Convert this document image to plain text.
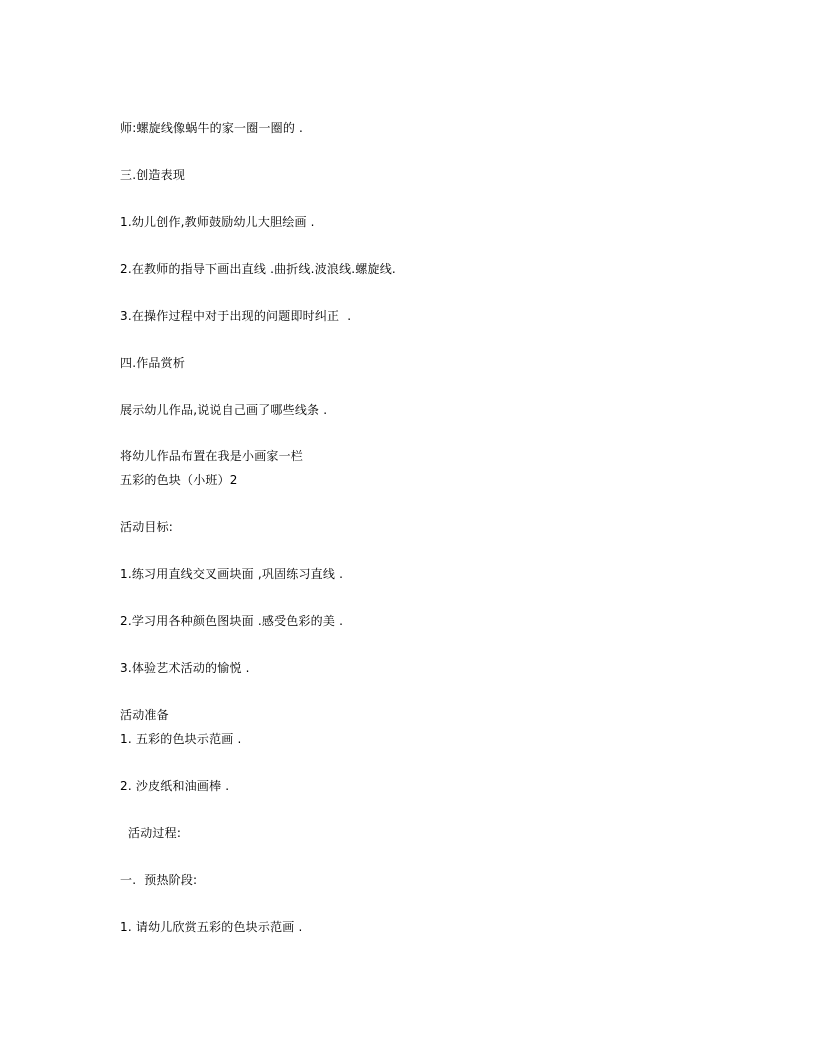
师:螺旋线像蜗牛的家一圈一圈的 .
三.创造表现
1.幼儿创作,教师鼓励幼儿大胆绘画 .
2.在教师的指导下画出直线 .曲折线.波浪线.螺旋线.
3.在操作过程中对于出现的问题即时纠正  .
四.作品赏析
展示幼儿作品,说说自己画了哪些线条 .
将幼儿作品布置在我是小画家一栏
五彩的色块（小班）2
活动目标:
1.练习用直线交叉画块面 ,巩固练习直线 .
2.学习用各种颜色图块面 .感受色彩的美 .
3.体验艺术活动的愉悦 .
活动准备
1. 五彩的色块示范画 .
2. 沙皮纸和油画棒 .
活动过程:
一.  预热阶段:
1. 请幼儿欣赏五彩的色块示范画 .
